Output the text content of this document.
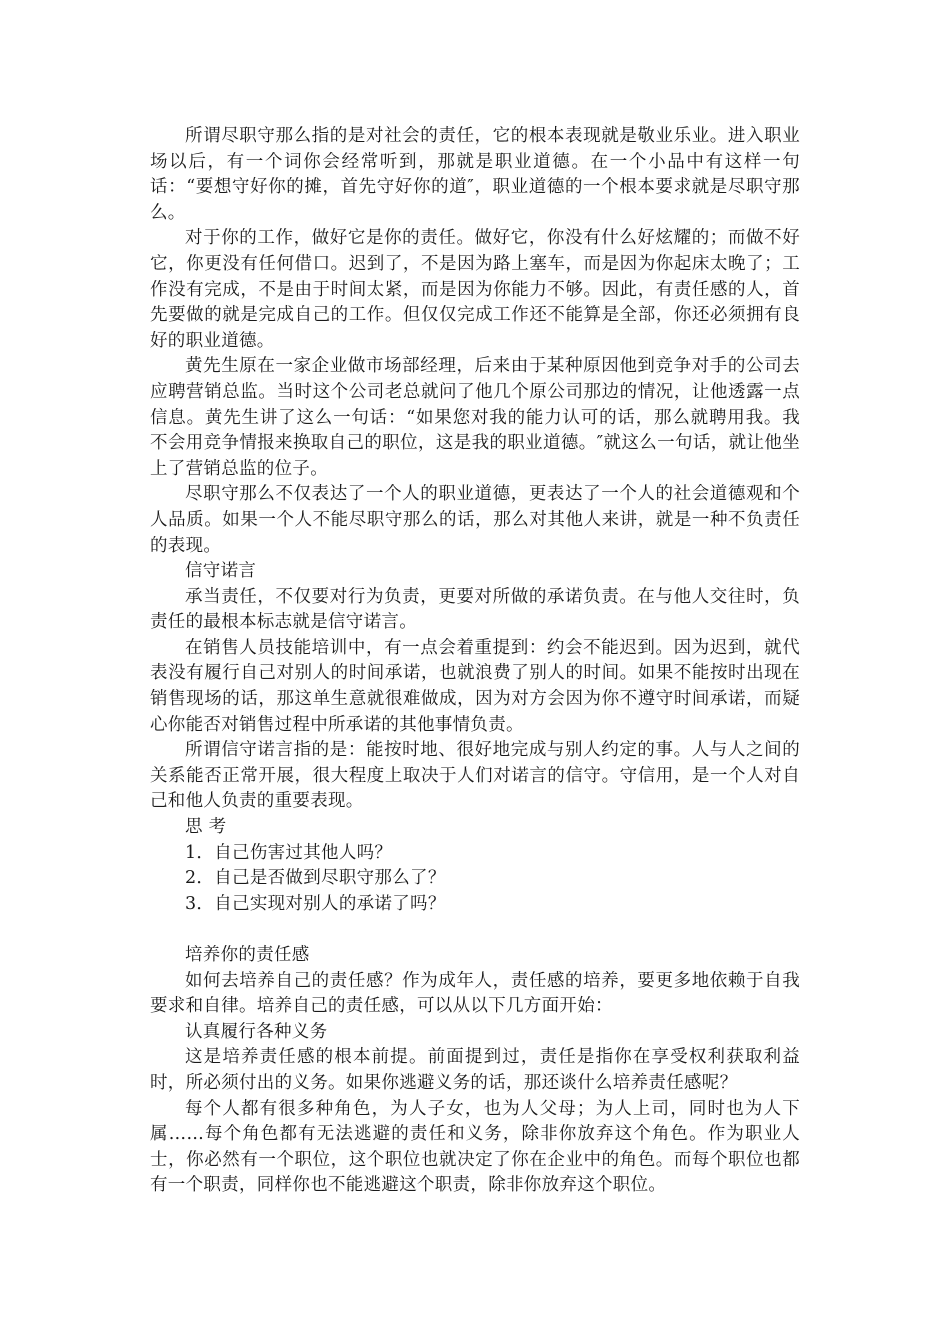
所谓尽职守那么指的是对社会的责任，它的根本表现就是敬业乐业。进入职业场以后，有一个词你会经常听到，那就是职业道德。在一个小品中有这样一句话：“要想守好你的摊，首先守好你的道″，职业道德的一个根本要求就是尽职守那么。

对于你的工作，做好它是你的责任。做好它，你没有什么好炫耀的；而做不好它，你更没有任何借口。迟到了，不是因为路上塞车，而是因为你起床太晚了；工作没有完成，不是由于时间太紧，而是因为你能力不够。因此，有责任感的人，首先要做的就是完成自己的工作。但仅仅完成工作还不能算是全部，你还必须拥有良好的职业道德。

黄先生原在一家企业做市场部经理，后来由于某种原因他到竞争对手的公司去应聘营销总监。当时这个公司老总就问了他几个原公司那边的情况，让他透露一点信息。黄先生讲了这么一句话：“如果您对我的能力认可的话，那么就聘用我。我不会用竞争情报来换取自己的职位，这是我的职业道德。″就这么一句话，就让他坐上了营销总监的位子。

尽职守那么不仅表达了一个人的职业道德，更表达了一个人的社会道德观和个人品质。如果一个人不能尽职守那么的话，那么对其他人来讲，就是一种不负责任的表现。

信守诺言

承当责任，不仅要对行为负责，更要对所做的承诺负责。在与他人交往时，负责任的最根本标志就是信守诺言。

在销售人员技能培训中，有一点会着重提到：约会不能迟到。因为迟到，就代表没有履行自己对别人的时间承诺，也就浪费了别人的时间。如果不能按时出现在销售现场的话，那这单生意就很难做成，因为对方会因为你不遵守时间承诺，而疑心你能否对销售过程中所承诺的其他事情负责。

所谓信守诺言指的是：能按时地、很好地完成与别人约定的事。人与人之间的关系能否正常开展，很大程度上取决于人们对诺言的信守。守信用，是一个人对自己和他人负责的重要表现。

思 考

1．自己伤害过其他人吗？

2．自己是否做到尽职守那么了？

3．自己实现对别人的承诺了吗？

培养你的责任感

如何去培养自己的责任感？作为成年人，责任感的培养，要更多地依赖于自我要求和自律。培养自己的责任感，可以从以下几方面开始：

认真履行各种义务

这是培养责任感的根本前提。前面提到过，责任是指你在享受权利获取利益时，所必须付出的义务。如果你逃避义务的话，那还谈什么培养责任感呢？

每个人都有很多种角色，为人子女，也为人父母；为人上司，同时也为人下属……每个角色都有无法逃避的责任和义务，除非你放弃这个角色。作为职业人士，你必然有一个职位，这个职位也就决定了你在企业中的角色。而每个职位也都有一个职责，同样你也不能逃避这个职责，除非你放弃这个职位。
